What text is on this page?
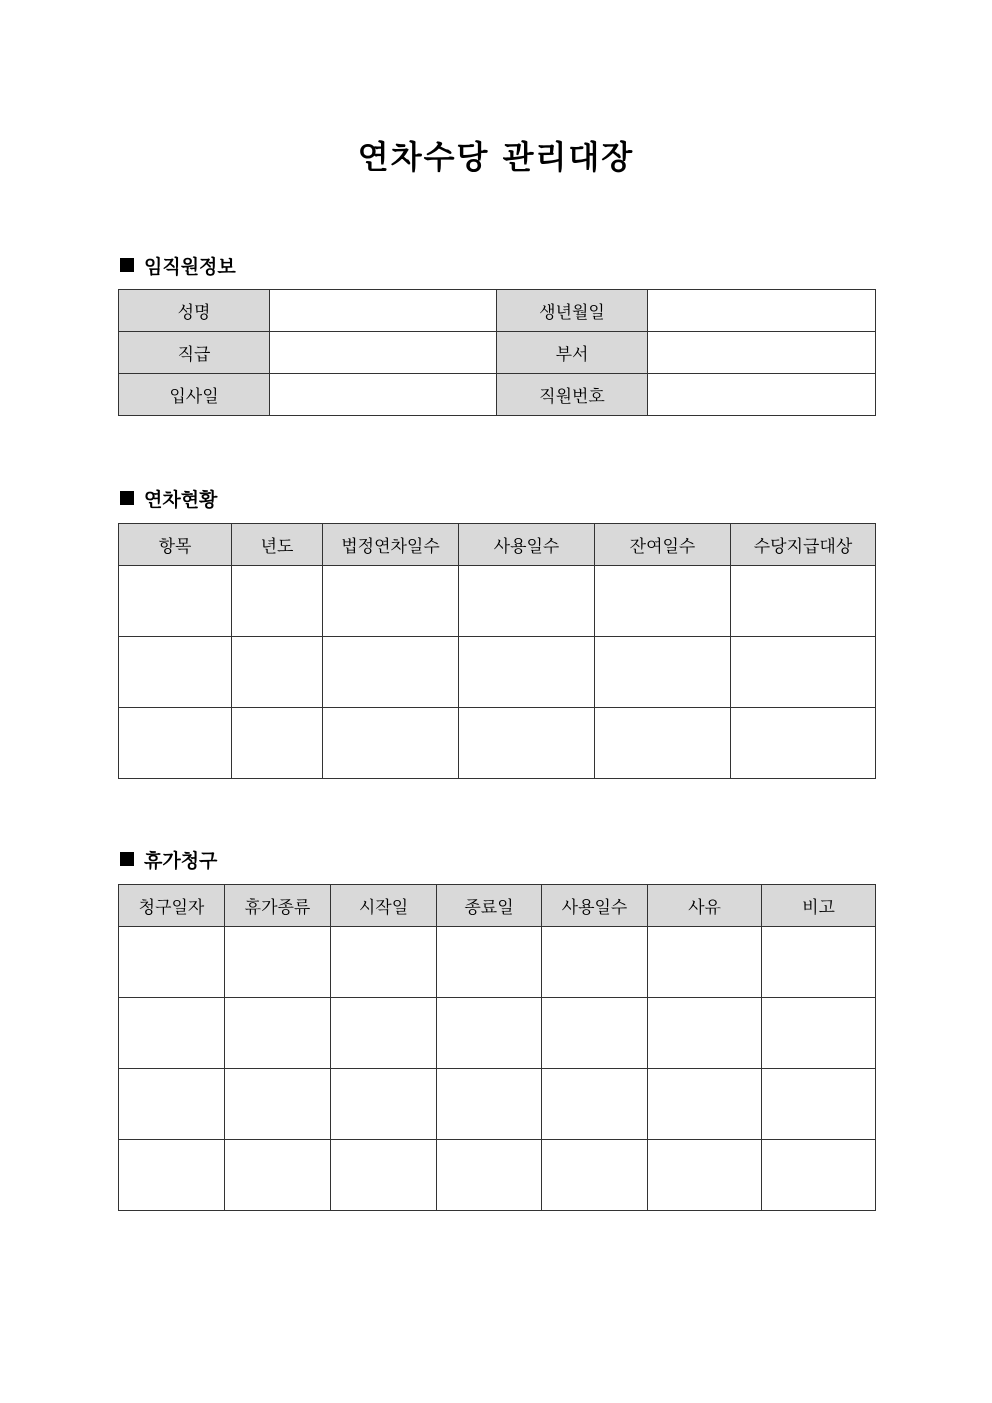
연차수당 관리대장
임직원정보
성명		생년월일	
직급		부서	
입사일		직원번호	
연차현황
항목	년도	법정연차일수	사용일수	잔여일수	수당지급대상

휴가청구
청구일자	휴가종류	시작일	종료일	사용일수	사유	비고
